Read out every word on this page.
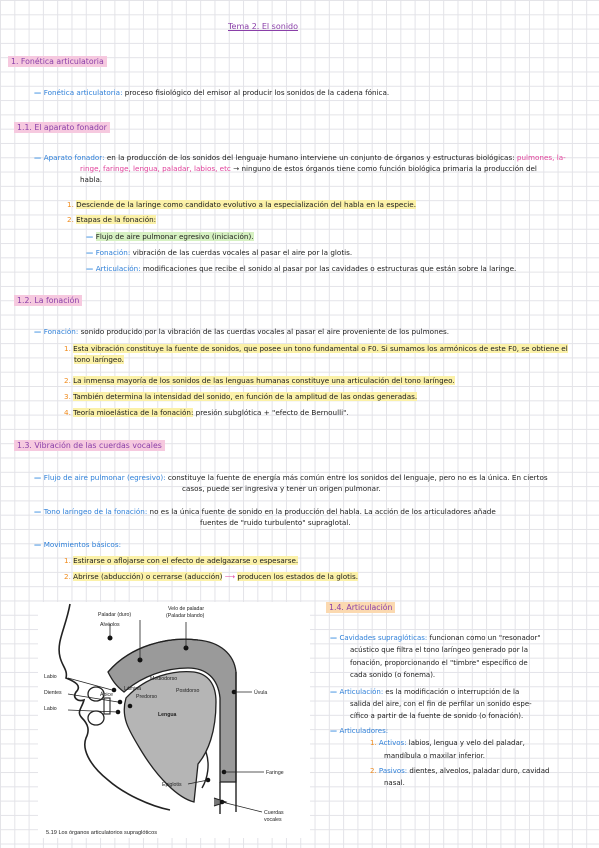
Tema 2. El sonido
1. Fonética articulatoria
— Fonética articulatoria: proceso fisiológico del emisor al producir los sonidos de la cadena fónica.
1.1. El aparato fonador
— Aparato fonador: en la producción de los sonidos del lenguaje humano interviene un conjunto de órganos y estructuras biológicas: pulmones, la-
ringe, faringe, lengua, paladar, labios, etc → ninguno de estos órganos tiene como función biológica primaria la producción del
habla.
1. Desciende de la laringe como candidato evolutivo a la especialización del habla en la especie.
2. Etapas de la fonación:
— Flujo de aire pulmonar egresivo (iniciación).
— Fonación: vibración de las cuerdas vocales al pasar el aire por la glotis.
— Articulación: modificaciones que recibe el sonido al pasar por las cavidades o estructuras que están sobre la laringe.
1.2. La fonación
— Fonación: sonido producido por la vibración de las cuerdas vocales al pasar el aire proveniente de los pulmones.
1. Esta vibración constituye la fuente de sonidos, que posee un tono fundamental o F0. Si sumamos los armónicos de este F0, se obtiene el
tono laríngeo.
2. La inmensa mayoría de los sonidos de las lenguas humanas constituye una articulación del tono laríngeo.
3. También determina la intensidad del sonido, en función de la amplitud de las ondas generadas.
4. Teoría mioelástica de la fonación: presión subglótica + "efecto de Bernoulli".
1.3. Vibración de las cuerdas vocales
— Flujo de aire pulmonar (egresivo): constituye la fuente de energía más común entre los sonidos del lenguaje, pero no es la única. En ciertos
casos, puede ser ingresiva y tener un origen pulmonar.
— Tono laríngeo de la fonación: no es la única fuente de sonido en la producción del habla. La acción de los articuladores añade
fuentes de "ruido turbulento" supraglotal.
— Movimientos básicos:
1. Estirarse o aflojarse con el efecto de adelgazarse o espesarse.
2. Abrirse (abducción) o cerrarse (aducción) ⟶ producen los estados de la glotis.
Paladar (duro)
Velo de paladar
(Paladar blando)
Alvéolos
Labio
Dientes
Labio
Ápice
Lámina
Predorso
Mediodorso
Postdorso
Lengua
Úvula
Faringe
Epiglotis
Cuerdas
vocales
5.19 Los órganos articulatorios supraglóticos
1.4. Articulación
— Cavidades supraglóticas: funcionan como un "resonador"
acústico que filtra el tono laríngeo generado por la
fonación, proporcionando el "timbre" específico de
cada sonido (o fonema).
— Articulación: es la modificación o interrupción de la
salida del aire, con el fin de perfilar un sonido espe-
cífico a partir de la fuente de sonido (o fonación).
— Articuladores:
1. Activos: labios, lengua y velo del paladar,
mandíbula o maxilar inferior.
2. Pasivos: dientes, alveolos, paladar duro, cavidad
nasal.
